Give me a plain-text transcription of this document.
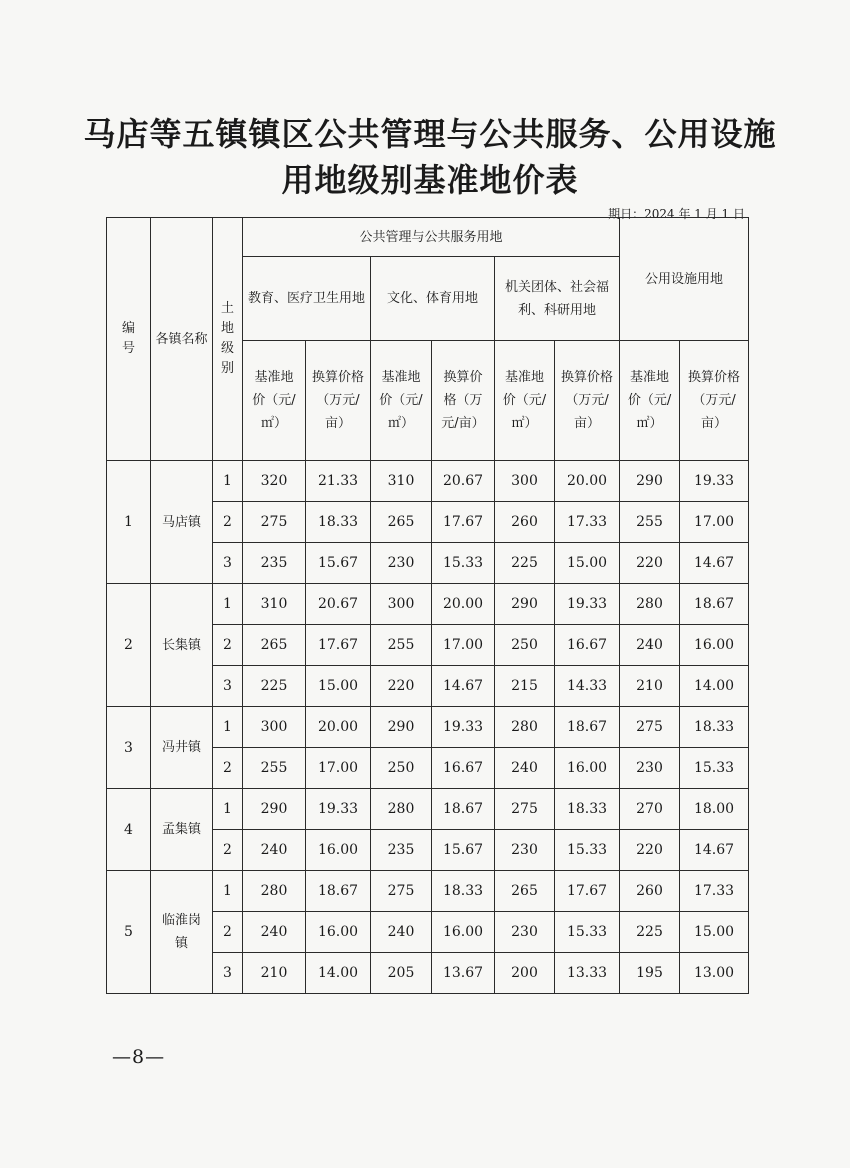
马店等五镇镇区公共管理与公共服务、公用设施
用地级别基准地价表
期日：2024 年 1 月 1 日
编
号	各镇名称	土
地
级
别	公共管理与公共服务用地						公用设施用地	
			教育、医疗卫生用地		文化、体育用地		机关团体、社会福利、科研用地			
			基准地价（元/㎡）	换算价格（万元/亩）	基准地价（元/㎡）	换算价格（万元/亩）	基准地价（元/㎡）	换算价格（万元/亩）	基准地价（元/㎡）	换算价格（万元/亩）
1	马店镇	1	320	21.33	310	20.67	300	20.00	290	19.33
		2	275	18.33	265	17.67	260	17.33	255	17.00
		3	235	15.67	230	15.33	225	15.00	220	14.67
2	长集镇	1	310	20.67	300	20.00	290	19.33	280	18.67
		2	265	17.67	255	17.00	250	16.67	240	16.00
		3	225	15.00	220	14.67	215	14.33	210	14.00
3	冯井镇	1	300	20.00	290	19.33	280	18.67	275	18.33
		2	255	17.00	250	16.67	240	16.00	230	15.33
4	孟集镇	1	290	19.33	280	18.67	275	18.33	270	18.00
		2	240	16.00	235	15.67	230	15.33	220	14.67
5	临淮岗镇	1	280	18.67	275	18.33	265	17.67	260	17.33
		2	240	16.00	240	16.00	230	15.33	225	15.00
		3	210	14.00	205	13.67	200	13.33	195	13.00
—8—
